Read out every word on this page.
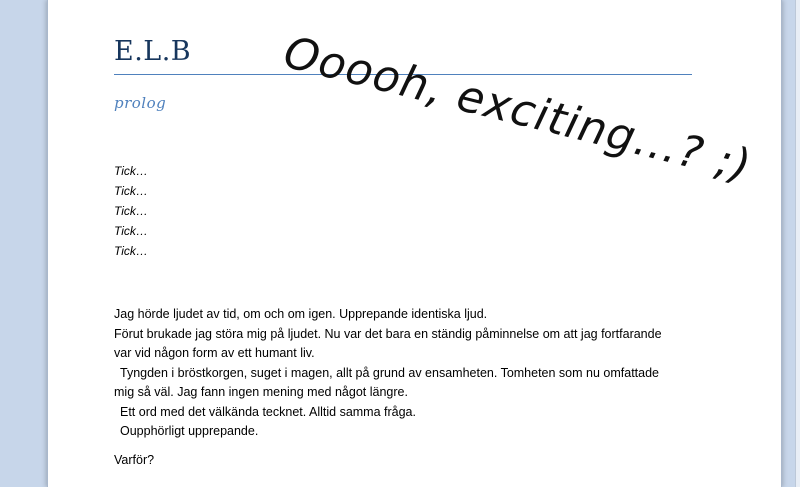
E.L.B
prolog
Tick…
Tick…
Tick…
Tick…
Tick…
Jag hörde ljudet av tid, om och om igen. Upprepande identiska ljud.
Förut brukade jag störa mig på ljudet. Nu var det bara en ständig påminnelse om att jag fortfarande
var vid någon form av ett humant liv.
Tyngden i bröstkorgen, suget i magen, allt på grund av ensamheten. Tomheten som nu omfattade
mig så väl. Jag fann ingen mening med något längre.
Ett ord med det välkända tecknet. Alltid samma fråga.
Oupphörligt upprepande.
Varför?
Ooooh, exciting...? ;)
